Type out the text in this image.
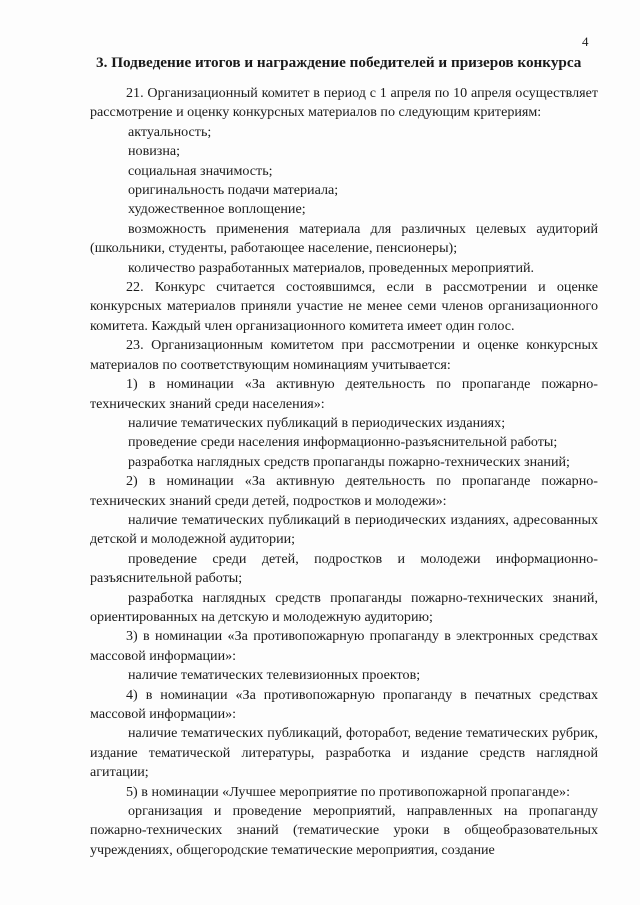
4
3. Подведение итогов и награждение победителей и призеров конкурса

21. Организационный комитет в период с 1 апреля по 10 апреля осуществляет рассмотрение и оценку конкурсных материалов по следующим критериям:

актуальность;

новизна;

социальная значимость;

оригинальность подачи материала;

художественное воплощение;

возможность применения материала для различных целевых аудиторий (школьники, студенты, работающее население, пенсионеры);

количество разработанных материалов, проведенных мероприятий.

22. Конкурс считается состоявшимся, если в рассмотрении и оценке конкурсных материалов приняли участие не менее семи членов организационного комитета. Каждый член организационного комитета имеет один голос.

23. Организационным комитетом при рассмотрении и оценке конкурсных материалов по соответствующим номинациям учитывается:

1) в номинации «За активную деятельность по пропаганде пожарно-технических знаний среди населения»:

наличие тематических публикаций в периодических изданиях;

проведение среди населения информационно-разъяснительной работы;

разработка наглядных средств пропаганды пожарно-технических знаний;

2) в номинации «За активную деятельность по пропаганде пожарно-технических знаний среди детей, подростков и молодежи»:

наличие тематических публикаций в периодических изданиях, адресованных детской и молодежной аудитории;

проведение среди детей, подростков и молодежи информационно-разъяснительной работы;

разработка наглядных средств пропаганды пожарно-технических знаний, ориентированных на детскую и молодежную аудиторию;

3) в номинации «За противопожарную пропаганду в электронных средствах массовой информации»:

наличие тематических телевизионных проектов;

4) в номинации «За противопожарную пропаганду в печатных средствах массовой информации»:

наличие тематических публикаций, фоторабот, ведение тематических рубрик, издание тематической литературы, разработка и издание средств наглядной агитации;

5) в номинации «Лучшее мероприятие по противопожарной пропаганде»:

организация и проведение мероприятий, направленных на пропаганду пожарно-технических знаний (тематические уроки в общеобразовательных учреждениях, общегородские тематические мероприятия, создание
